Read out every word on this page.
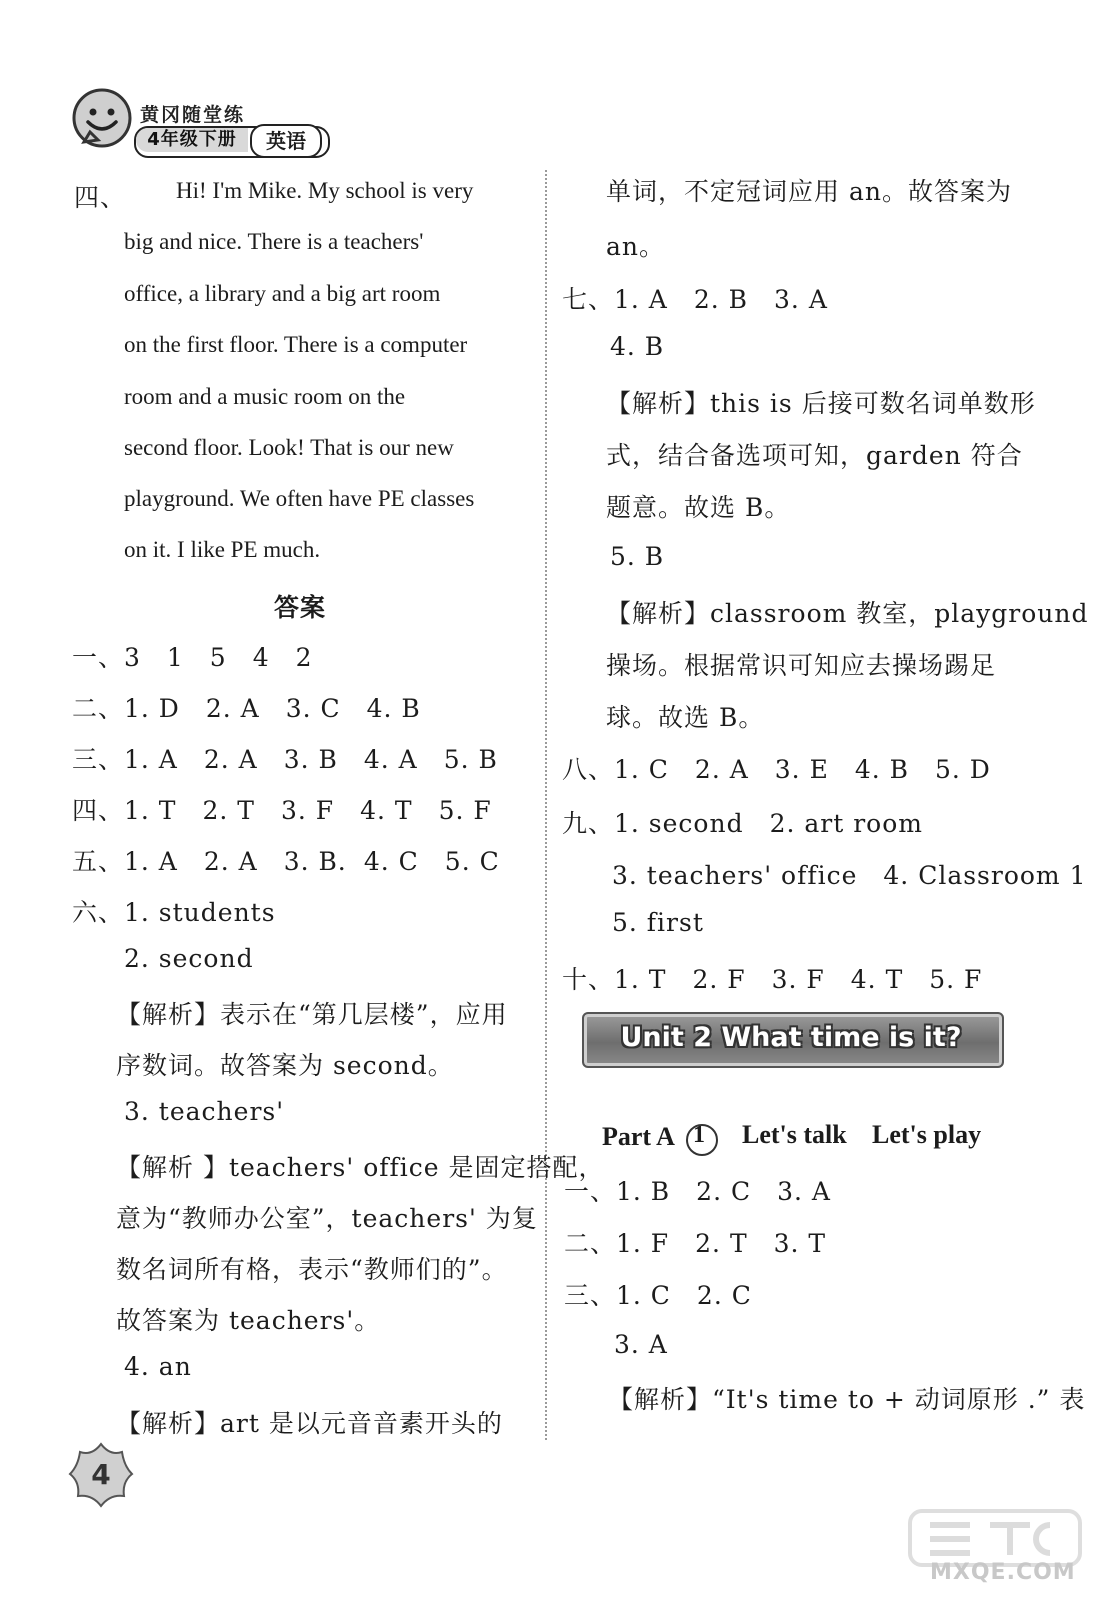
黄冈随堂练
4年级下册	英语
四、 Hi! I'm Mike. My school is very
big and nice. There is a teachers'
office, a library and a big art room
on the first floor. There is a computer
room and a music room on the
second floor. Look! That is our new
playground. We often have PE classes
on it. I like PE much.
答案
一、3　1　5　4　2
二、1. D　2. A　3. C　4. B
三、1. A　2. A　3. B　4. A　5. B
四、1. T　2. T　3. F　4. T　5. F
五、1. A　2. A　3. B．4. C　5. C
六、1. students
2. second
【解析】表示在“第几层楼”，应用
序数词。故答案为 second。
3. teachers'
【解析 】teachers' office 是固定搭配，
意为“教师办公室”，teachers' 为复
数名词所有格，表示“教师们的”。
故答案为 teachers'。
4. an
【解析】art 是以元音音素开头的
单词，不定冠词应用 an。故答案为
an。
七、1. A　2. B　3. A
4. B
【解析】this is 后接可数名词单数形
式，结合备选项可知，garden 符合
题意。故选 B。
5. B
【解析】classroom 教室，playground
操场。根据常识可知应去操场踢足
球。故选 B。
八、1. C　2. A　3. E　4. B　5. D
九、1. second　2. art room
3. teachers' office　4. Classroom 1
5. first
十、1. T　2. F　3. F　4. T　5. F
Unit 2 What time is it?
Part A 1 Let's talk Let's play
一、1. B　2. C　3. A
二、1. F　2. T　3. T
三、1. C　2. C
3. A
【解析】“It's time to + 动词原形 .” 表
4
MXQE.COM
